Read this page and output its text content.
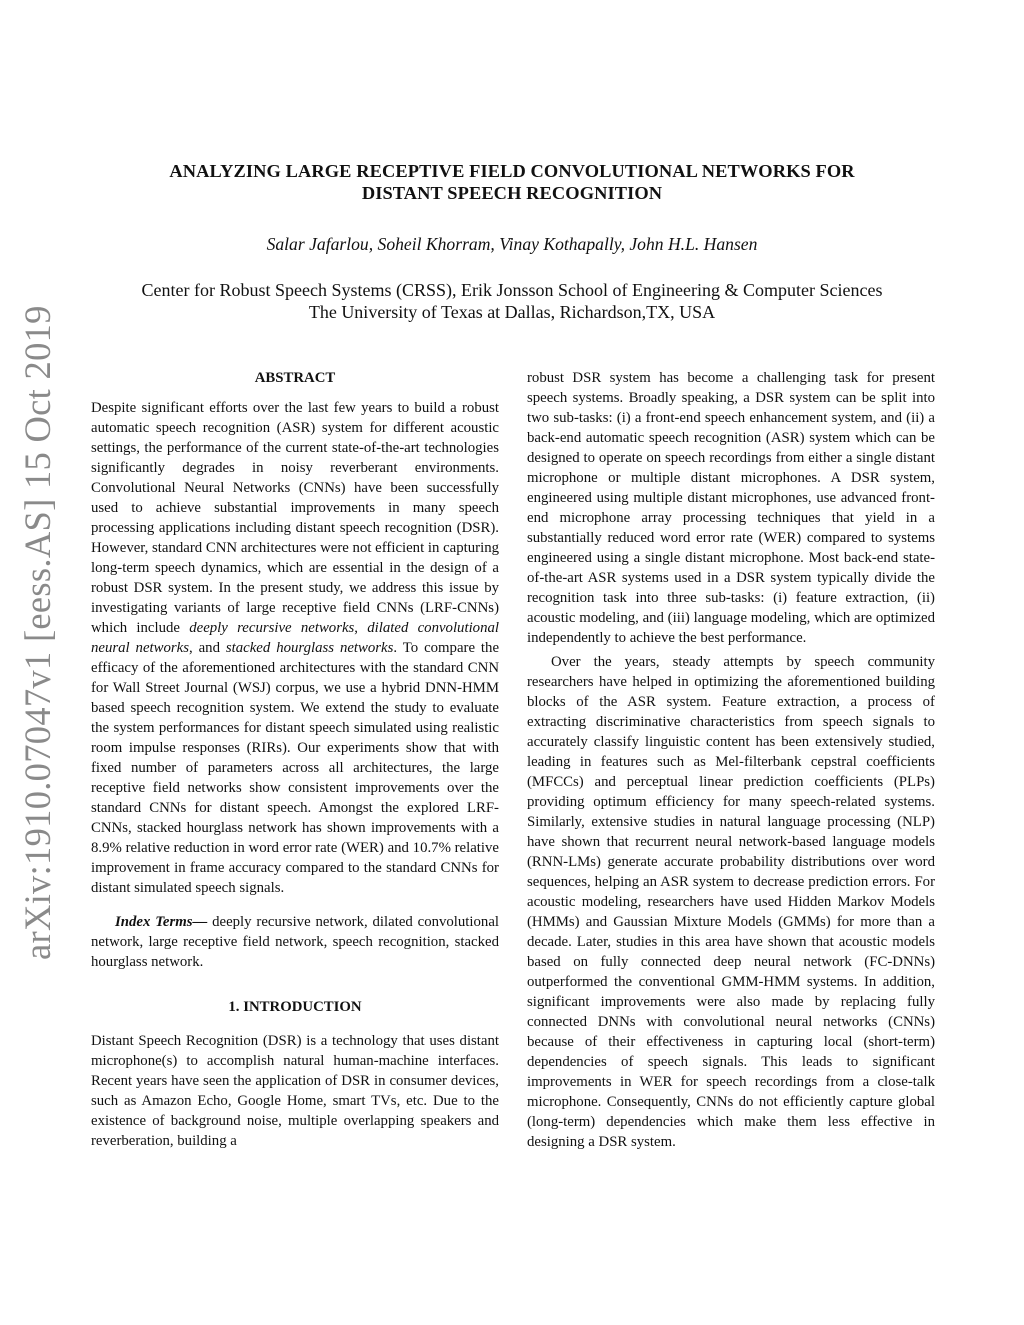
arXiv:1910.07047v1 [eess.AS] 15 Oct 2019
ANALYZING LARGE RECEPTIVE FIELD CONVOLUTIONAL NETWORKS FOR
DISTANT SPEECH RECOGNITION
Salar Jafarlou, Soheil Khorram, Vinay Kothapally, John H.L. Hansen
Center for Robust Speech Systems (CRSS), Erik Jonsson School of Engineering & Computer Sciences
The University of Texas at Dallas, Richardson,TX, USA
ABSTRACT

Despite significant efforts over the last few years to build a robust automatic speech recognition (ASR) system for different acoustic settings, the performance of the current state-of-the-art technologies significantly degrades in noisy reverberant environments. Convolutional Neural Networks (CNNs) have been successfully used to achieve substantial improvements in many speech processing applications including distant speech recognition (DSR). However, standard CNN architectures were not efficient in capturing long-term speech dynamics, which are essential in the design of a robust DSR system. In the present study, we address this issue by investigating variants of large receptive field CNNs (LRF-CNNs) which include deeply recursive networks, dilated convolutional neural networks, and stacked hourglass networks. To compare the efficacy of the aforementioned architectures with the standard CNN for Wall Street Journal (WSJ) corpus, we use a hybrid DNN-HMM based speech recognition system. We extend the study to evaluate the system performances for distant speech simulated using realistic room impulse responses (RIRs). Our experiments show that with fixed number of parameters across all architectures, the large receptive field networks show consistent improvements over the standard CNNs for distant speech. Amongst the explored LRF-CNNs, stacked hourglass network has shown improvements with a 8.9% relative reduction in word error rate (WER) and 10.7% relative improvement in frame accuracy compared to the standard CNNs for distant simulated speech signals.

Index Terms— deeply recursive network, dilated convolutional network, large receptive field network, speech recognition, stacked hourglass network.

1. INTRODUCTION

Distant Speech Recognition (DSR) is a technology that uses distant microphone(s) to accomplish natural human-machine interfaces. Recent years have seen the application of DSR in consumer devices, such as Amazon Echo, Google Home, smart TVs, etc. Due to the existence of background noise, multiple overlapping speakers and reverberation, building a

robust DSR system has become a challenging task for present speech systems. Broadly speaking, a DSR system can be split into two sub-tasks: (i) a front-end speech enhancement system, and (ii) a back-end automatic speech recognition (ASR) system which can be designed to operate on speech recordings from either a single distant microphone or multiple distant microphones. A DSR system, engineered using multiple distant microphones, use advanced front-end microphone array processing techniques that yield in a substantially reduced word error rate (WER) compared to systems engineered using a single distant microphone. Most back-end state-of-the-art ASR systems used in a DSR system typically divide the recognition task into three sub-tasks: (i) feature extraction, (ii) acoustic modeling, and (iii) language modeling, which are optimized independently to achieve the best performance.

Over the years, steady attempts by speech community researchers have helped in optimizing the aforementioned building blocks of the ASR system. Feature extraction, a process of extracting discriminative characteristics from speech signals to accurately classify linguistic content has been extensively studied, leading in features such as Mel-filterbank cepstral coefficients (MFCCs) and perceptual linear prediction coefficients (PLPs) providing optimum efficiency for many speech-related systems. Similarly, extensive studies in natural language processing (NLP) have shown that recurrent neural network-based language models (RNN-LMs) generate accurate probability distributions over word sequences, helping an ASR system to decrease prediction errors. For acoustic modeling, researchers have used Hidden Markov Models (HMMs) and Gaussian Mixture Models (GMMs) for more than a decade. Later, studies in this area have shown that acoustic models based on fully connected deep neural network (FC-DNNs) outperformed the conventional GMM-HMM systems. In addition, significant improvements were also made by replacing fully connected DNNs with convolutional neural networks (CNNs) because of their effectiveness in capturing local (short-term) dependencies of speech signals. This leads to significant improvements in WER for speech recordings from a close-talk microphone. Consequently, CNNs do not efficiently capture global (long-term) dependencies which make them less effective in designing a DSR system.
